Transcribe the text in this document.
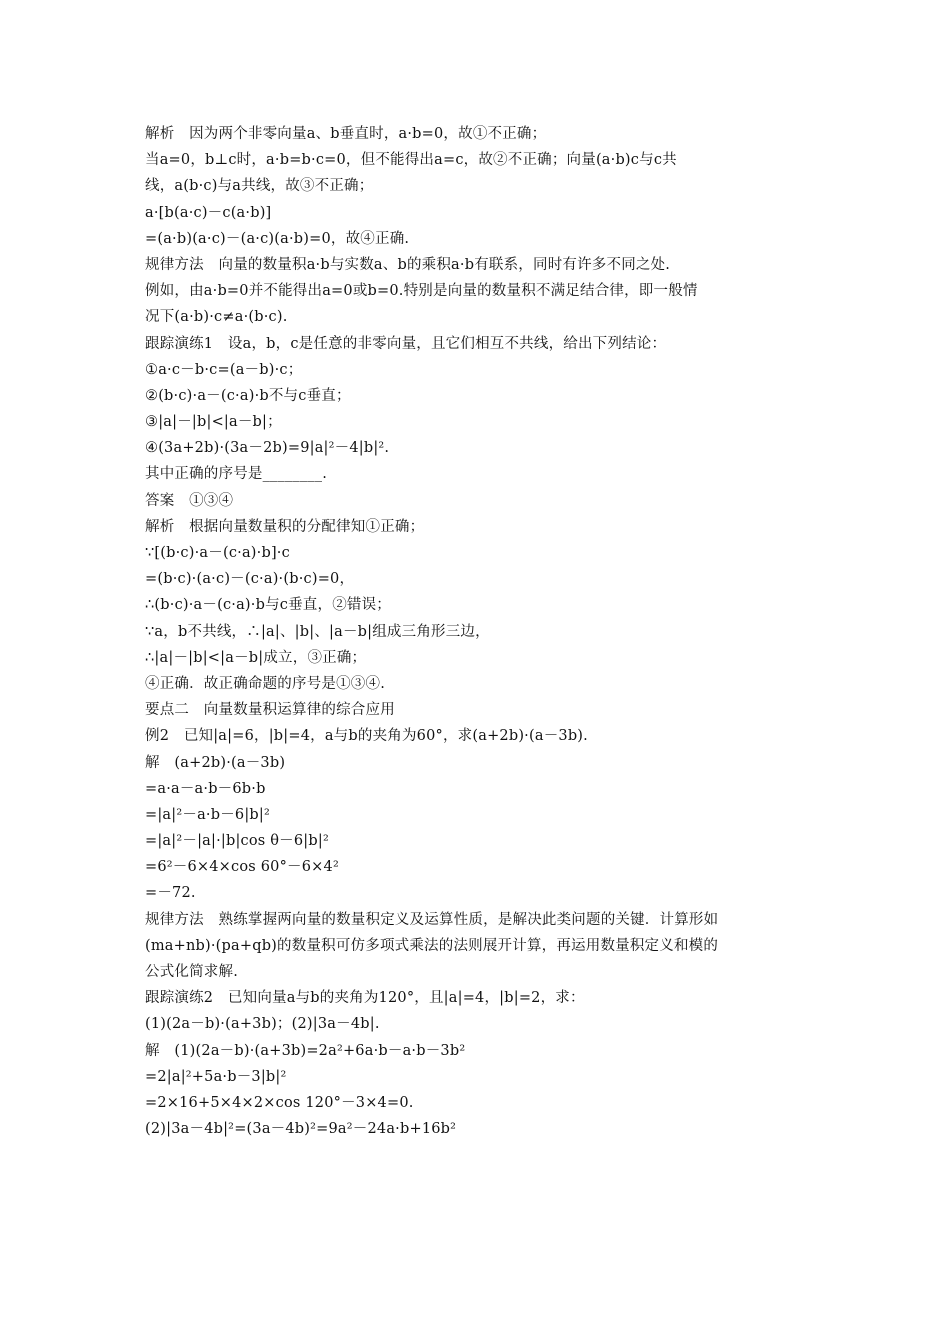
解析　因为两个非零向量a、b垂直时，a·b=0，故①不正确；
当a=0，b⊥c时，a·b=b·c=0，但不能得出a=c，故②不正确；向量(a·b)c与c共
线，a(b·c)与a共线，故③不正确；
a·[b(a·c)－c(a·b)]
=(a·b)(a·c)－(a·c)(a·b)=0，故④正确.
规律方法　向量的数量积a·b与实数a、b的乘积a·b有联系，同时有许多不同之处.
例如，由a·b=0并不能得出a=0或b=0.特别是向量的数量积不满足结合律，即一般情
况下(a·b)·c≠a·(b·c).
跟踪演练1　设a，b，c是任意的非零向量，且它们相互不共线，给出下列结论：
①a·c－b·c=(a－b)·c；
②(b·c)·a－(c·a)·b不与c垂直；
③|a|－|b|<|a－b|；
④(3a+2b)·(3a－2b)=9|a|²－4|b|².
其中正确的序号是________.
答案　①③④
解析　根据向量数量积的分配律知①正确；
∵[(b·c)·a－(c·a)·b]·c
=(b·c)·(a·c)－(c·a)·(b·c)=0，
∴(b·c)·a－(c·a)·b与c垂直，②错误；
∵a，b不共线，∴|a|、|b|、|a－b|组成三角形三边，
∴|a|－|b|<|a－b|成立，③正确；
④正确．故正确命题的序号是①③④.
要点二　向量数量积运算律的综合应用
例2　已知|a|=6，|b|=4，a与b的夹角为60°，求(a+2b)·(a－3b).
解　(a+2b)·(a－3b)
=a·a－a·b－6b·b
=|a|²－a·b－6|b|²
=|a|²－|a|·|b|cos θ－6|b|²
=6²－6×4×cos 60°－6×4²
=－72.
规律方法　熟练掌握两向量的数量积定义及运算性质，是解决此类问题的关键．计算形如
(ma+nb)·(pa+qb)的数量积可仿多项式乘法的法则展开计算，再运用数量积定义和模的
公式化简求解.
跟踪演练2　已知向量a与b的夹角为120°，且|a|=4，|b|=2，求：
(1)(2a－b)·(a+3b)；(2)|3a－4b|.
解　(1)(2a－b)·(a+3b)=2a²+6a·b－a·b－3b²
=2|a|²+5a·b－3|b|²
=2×16+5×4×2×cos 120°－3×4=0.
(2)|3a－4b|²=(3a－4b)²=9a²－24a·b+16b²
